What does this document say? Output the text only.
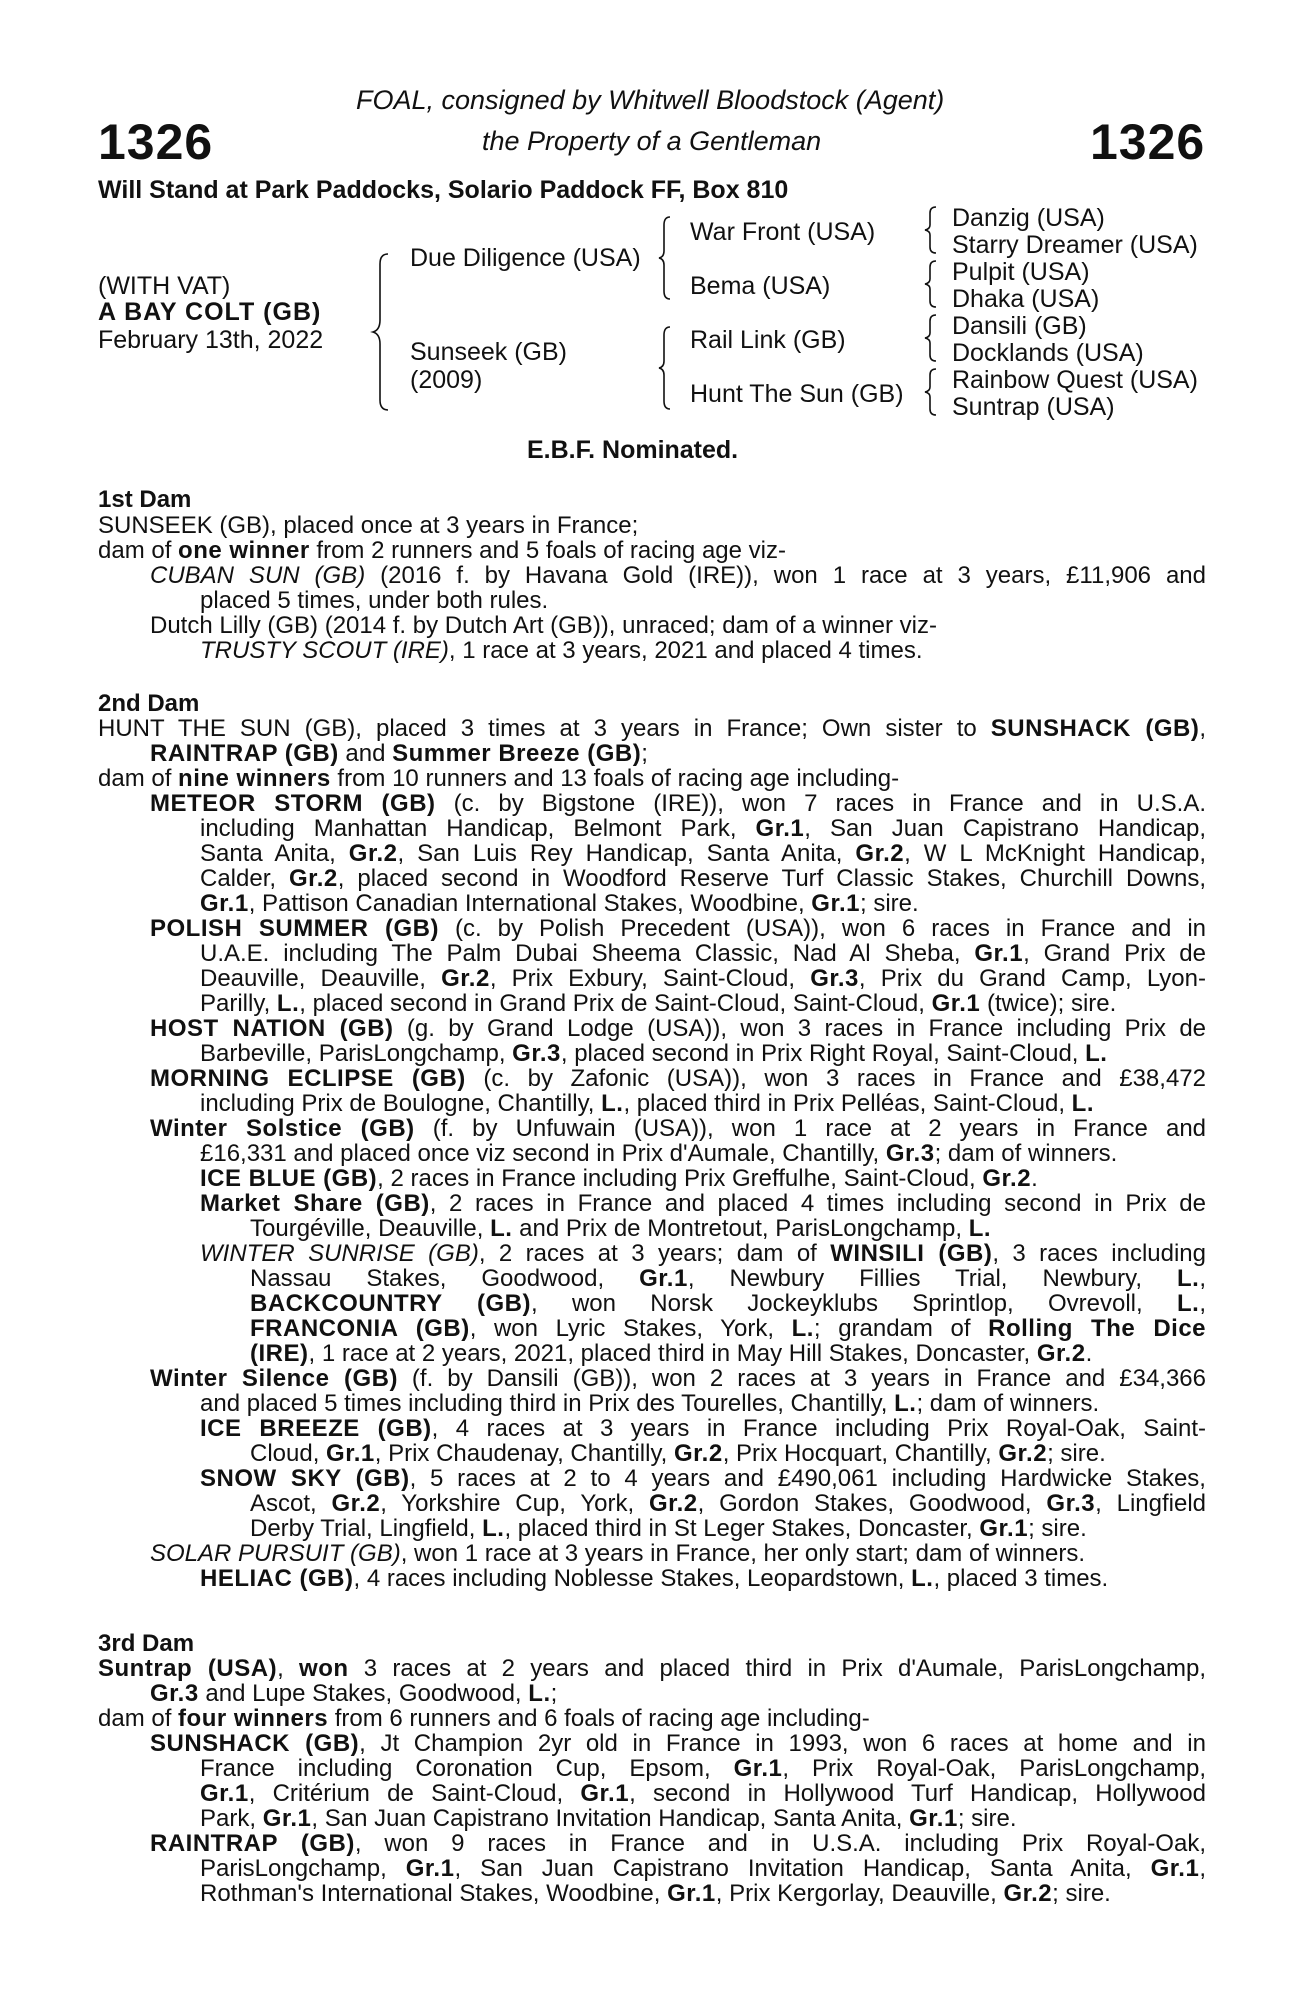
FOAL, consigned by Whitwell Bloodstock (Agent)
the Property of a Gentleman
1326	1326
Will Stand at Park Paddocks, Solario Paddock FF, Box 810
(WITH VAT)
A BAY COLT (GB)
February 13th, 2022
Due Diligence (USA)
Sunseek (GB)
(2009)
War Front (USA)
Bema (USA)
Rail Link (GB)
Hunt The Sun (GB)
Danzig (USA)
Starry Dreamer (USA)
Pulpit (USA)
Dhaka (USA)
Dansili (GB)
Docklands (USA)
Rainbow Quest (USA)
Suntrap (USA)
E.B.F. Nominated.
1st Dam
2nd Dam
3rd Dam
SUNSEEK (GB), placed once at 3 years in France;
dam of one winner from 2 runners and 5 foals of racing age viz-
CUBAN SUN (GB) (2016 f. by Havana Gold (IRE)), won 1 race at 3 years, £11,906 and
placed 5 times, under both rules.
Dutch Lilly (GB) (2014 f. by Dutch Art (GB)), unraced; dam of a winner viz-
TRUSTY SCOUT (IRE), 1 race at 3 years, 2021 and placed 4 times.
HUNT THE SUN (GB), placed 3 times at 3 years in France; Own sister to SUNSHACK (GB),
RAINTRAP (GB) and Summer Breeze (GB);
dam of nine winners from 10 runners and 13 foals of racing age including-
METEOR STORM (GB) (c. by Bigstone (IRE)), won 7 races in France and in U.S.A.
including Manhattan Handicap, Belmont Park, Gr.1, San Juan Capistrano Handicap,
Santa Anita, Gr.2, San Luis Rey Handicap, Santa Anita, Gr.2, W L McKnight Handicap,
Calder, Gr.2, placed second in Woodford Reserve Turf Classic Stakes, Churchill Downs,
Gr.1, Pattison Canadian International Stakes, Woodbine, Gr.1; sire.
POLISH SUMMER (GB) (c. by Polish Precedent (USA)), won 6 races in France and in
U.A.E. including The Palm Dubai Sheema Classic, Nad Al Sheba, Gr.1, Grand Prix de
Deauville, Deauville, Gr.2, Prix Exbury, Saint-Cloud, Gr.3, Prix du Grand Camp, Lyon-
Parilly, L., placed second in Grand Prix de Saint-Cloud, Saint-Cloud, Gr.1 (twice); sire.
HOST NATION (GB) (g. by Grand Lodge (USA)), won 3 races in France including Prix de
Barbeville, ParisLongchamp, Gr.3, placed second in Prix Right Royal, Saint-Cloud, L.
MORNING ECLIPSE (GB) (c. by Zafonic (USA)), won 3 races in France and £38,472
including Prix de Boulogne, Chantilly, L., placed third in Prix Pelléas, Saint-Cloud, L.
Winter Solstice (GB) (f. by Unfuwain (USA)), won 1 race at 2 years in France and
£16,331 and placed once viz second in Prix d'Aumale, Chantilly, Gr.3; dam of winners.
ICE BLUE (GB), 2 races in France including Prix Greffulhe, Saint-Cloud, Gr.2.
Market Share (GB), 2 races in France and placed 4 times including second in Prix de
Tourgéville, Deauville, L. and Prix de Montretout, ParisLongchamp, L.
WINTER SUNRISE (GB), 2 races at 3 years; dam of WINSILI (GB), 3 races including
Nassau Stakes, Goodwood, Gr.1, Newbury Fillies Trial, Newbury, L.,
BACKCOUNTRY (GB), won Norsk Jockeyklubs Sprintlop, Ovrevoll, L.,
FRANCONIA (GB), won Lyric Stakes, York, L.; grandam of Rolling The Dice
(IRE), 1 race at 2 years, 2021, placed third in May Hill Stakes, Doncaster, Gr.2.
Winter Silence (GB) (f. by Dansili (GB)), won 2 races at 3 years in France and £34,366
and placed 5 times including third in Prix des Tourelles, Chantilly, L.; dam of winners.
ICE BREEZE (GB), 4 races at 3 years in France including Prix Royal-Oak, Saint-
Cloud, Gr.1, Prix Chaudenay, Chantilly, Gr.2, Prix Hocquart, Chantilly, Gr.2; sire.
SNOW SKY (GB), 5 races at 2 to 4 years and £490,061 including Hardwicke Stakes,
Ascot, Gr.2, Yorkshire Cup, York, Gr.2, Gordon Stakes, Goodwood, Gr.3, Lingfield
Derby Trial, Lingfield, L., placed third in St Leger Stakes, Doncaster, Gr.1; sire.
SOLAR PURSUIT (GB), won 1 race at 3 years in France, her only start; dam of winners.
HELIAC (GB), 4 races including Noblesse Stakes, Leopardstown, L., placed 3 times.
Suntrap (USA), won 3 races at 2 years and placed third in Prix d'Aumale, ParisLongchamp,
Gr.3 and Lupe Stakes, Goodwood, L.;
dam of four winners from 6 runners and 6 foals of racing age including-
SUNSHACK (GB), Jt Champion 2yr old in France in 1993, won 6 races at home and in
France including Coronation Cup, Epsom, Gr.1, Prix Royal-Oak, ParisLongchamp,
Gr.1, Critérium de Saint-Cloud, Gr.1, second in Hollywood Turf Handicap, Hollywood
Park, Gr.1, San Juan Capistrano Invitation Handicap, Santa Anita, Gr.1; sire.
RAINTRAP (GB), won 9 races in France and in U.S.A. including Prix Royal-Oak,
ParisLongchamp, Gr.1, San Juan Capistrano Invitation Handicap, Santa Anita, Gr.1,
Rothman's International Stakes, Woodbine, Gr.1, Prix Kergorlay, Deauville, Gr.2; sire.
